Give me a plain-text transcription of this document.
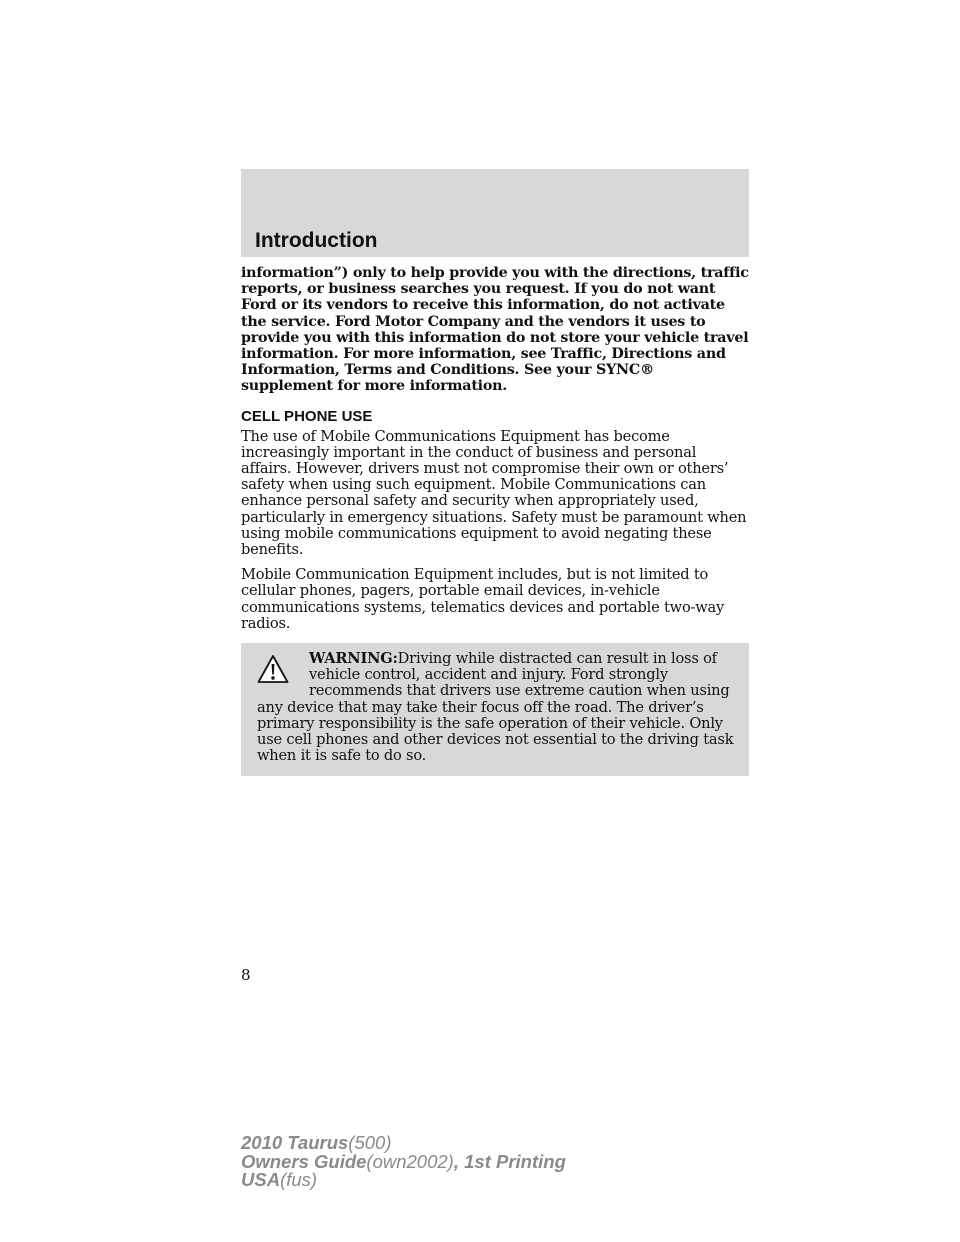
Introduction

information”) only to help provide you with the directions, traffic reports, or business searches you request. If you do not want Ford or its vendors to receive this information, do not activate the service. Ford Motor Company and the vendors it uses to provide you with this information do not store your vehicle travel information. For more information, see Traffic, Directions and Information, Terms and Conditions. See your SYNC® supplement for more information.

CELL PHONE USE

The use of Mobile Communications Equipment has become increasingly important in the conduct of business and personal affairs. However, drivers must not compromise their own or others’ safety when using such equipment. Mobile Communications can enhance personal safety and security when appropriately used, particularly in emergency situations. Safety must be paramount when using mobile communications equipment to avoid negating these benefits.

Mobile Communication Equipment includes, but is not limited to cellular phones, pagers, portable email devices, in-vehicle communications systems, telematics devices and portable two-way radios.

WARNING:Driving while distracted can result in loss of vehicle control, accident and injury. Ford strongly recommends that drivers use extreme caution when using any device that may take their focus off the road. The driver’s primary responsibility is the safe operation of their vehicle. Only use cell phones and other devices not essential to the driving task when it is safe to do so.
8
2010 Taurus(500)
Owners Guide(own2002), 1st Printing
USA(fus)
